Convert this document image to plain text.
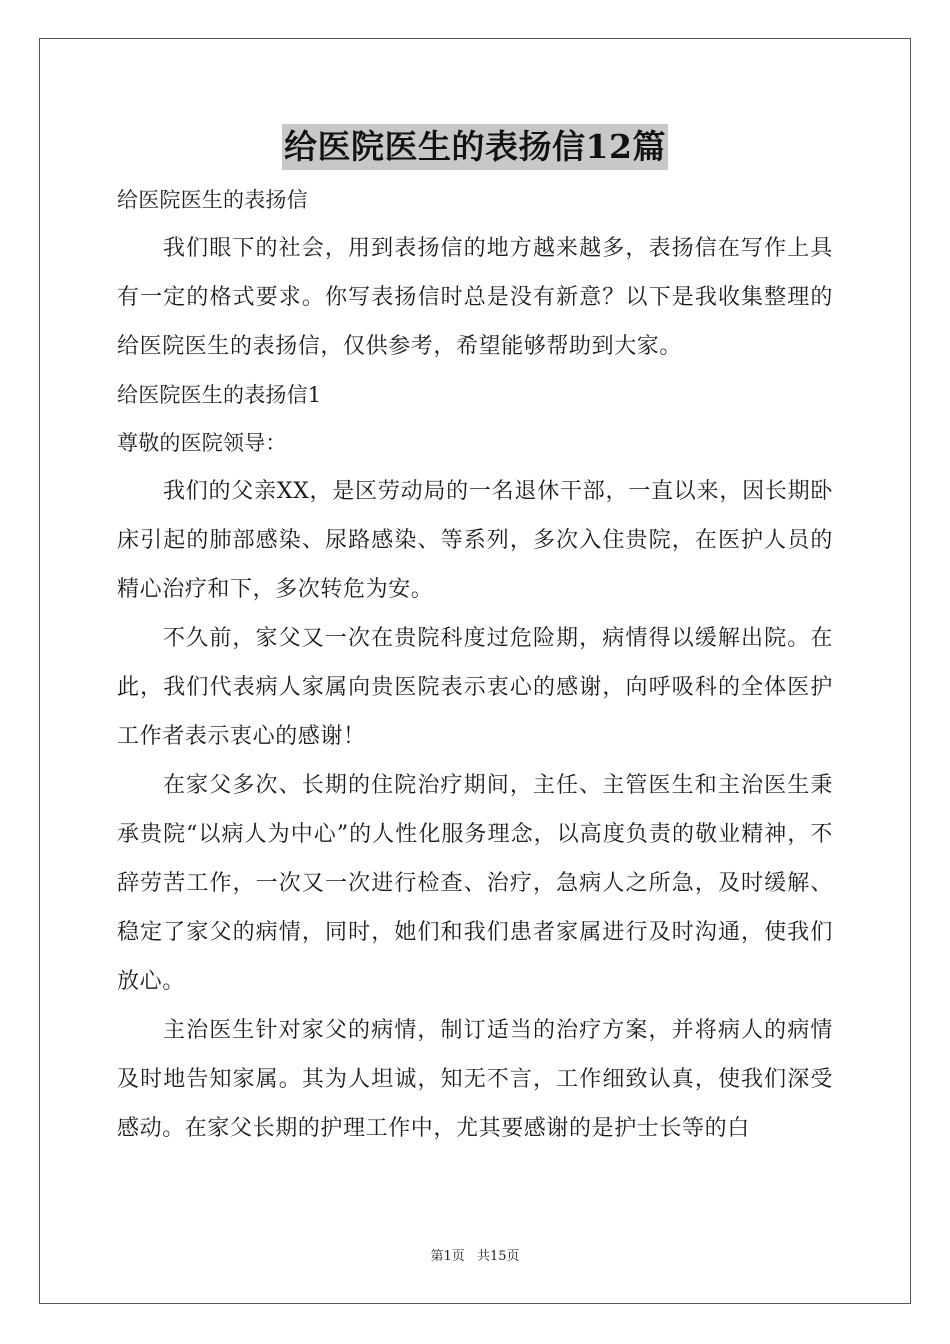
给医院医生的表扬信12篇

给医院医生的表扬信

我们眼下的社会，用到表扬信的地方越来越多，表扬信在写作上具有一定的格式要求。你写表扬信时总是没有新意？以下是我收集整理的给医院医生的表扬信，仅供参考，希望能够帮助到大家。

给医院医生的表扬信1

尊敬的医院领导：

我们的父亲XX，是区劳动局的一名退休干部，一直以来，因长期卧床引起的肺部感染、尿路感染、等系列，多次入住贵院，在医护人员的精心治疗和下，多次转危为安。

不久前，家父又一次在贵院科度过危险期，病情得以缓解出院。在此，我们代表病人家属向贵医院表示衷心的感谢，向呼吸科的全体医护工作者表示衷心的感谢！

在家父多次、长期的住院治疗期间，主任、主管医生和主治医生秉承贵院“以病人为中心”的人性化服务理念，以高度负责的敬业精神，不辞劳苦工作，一次又一次进行检查、治疗，急病人之所急，及时缓解、稳定了家父的病情，同时，她们和我们患者家属进行及时沟通，使我们放心。

主治医生针对家父的病情，制订适当的治疗方案，并将病人的病情及时地告知家属。其为人坦诚，知无不言，工作细致认真，使我们深受感动。在家父长期的护理工作中，尤其要感谢的是护士长等的白

第1页 共15页
